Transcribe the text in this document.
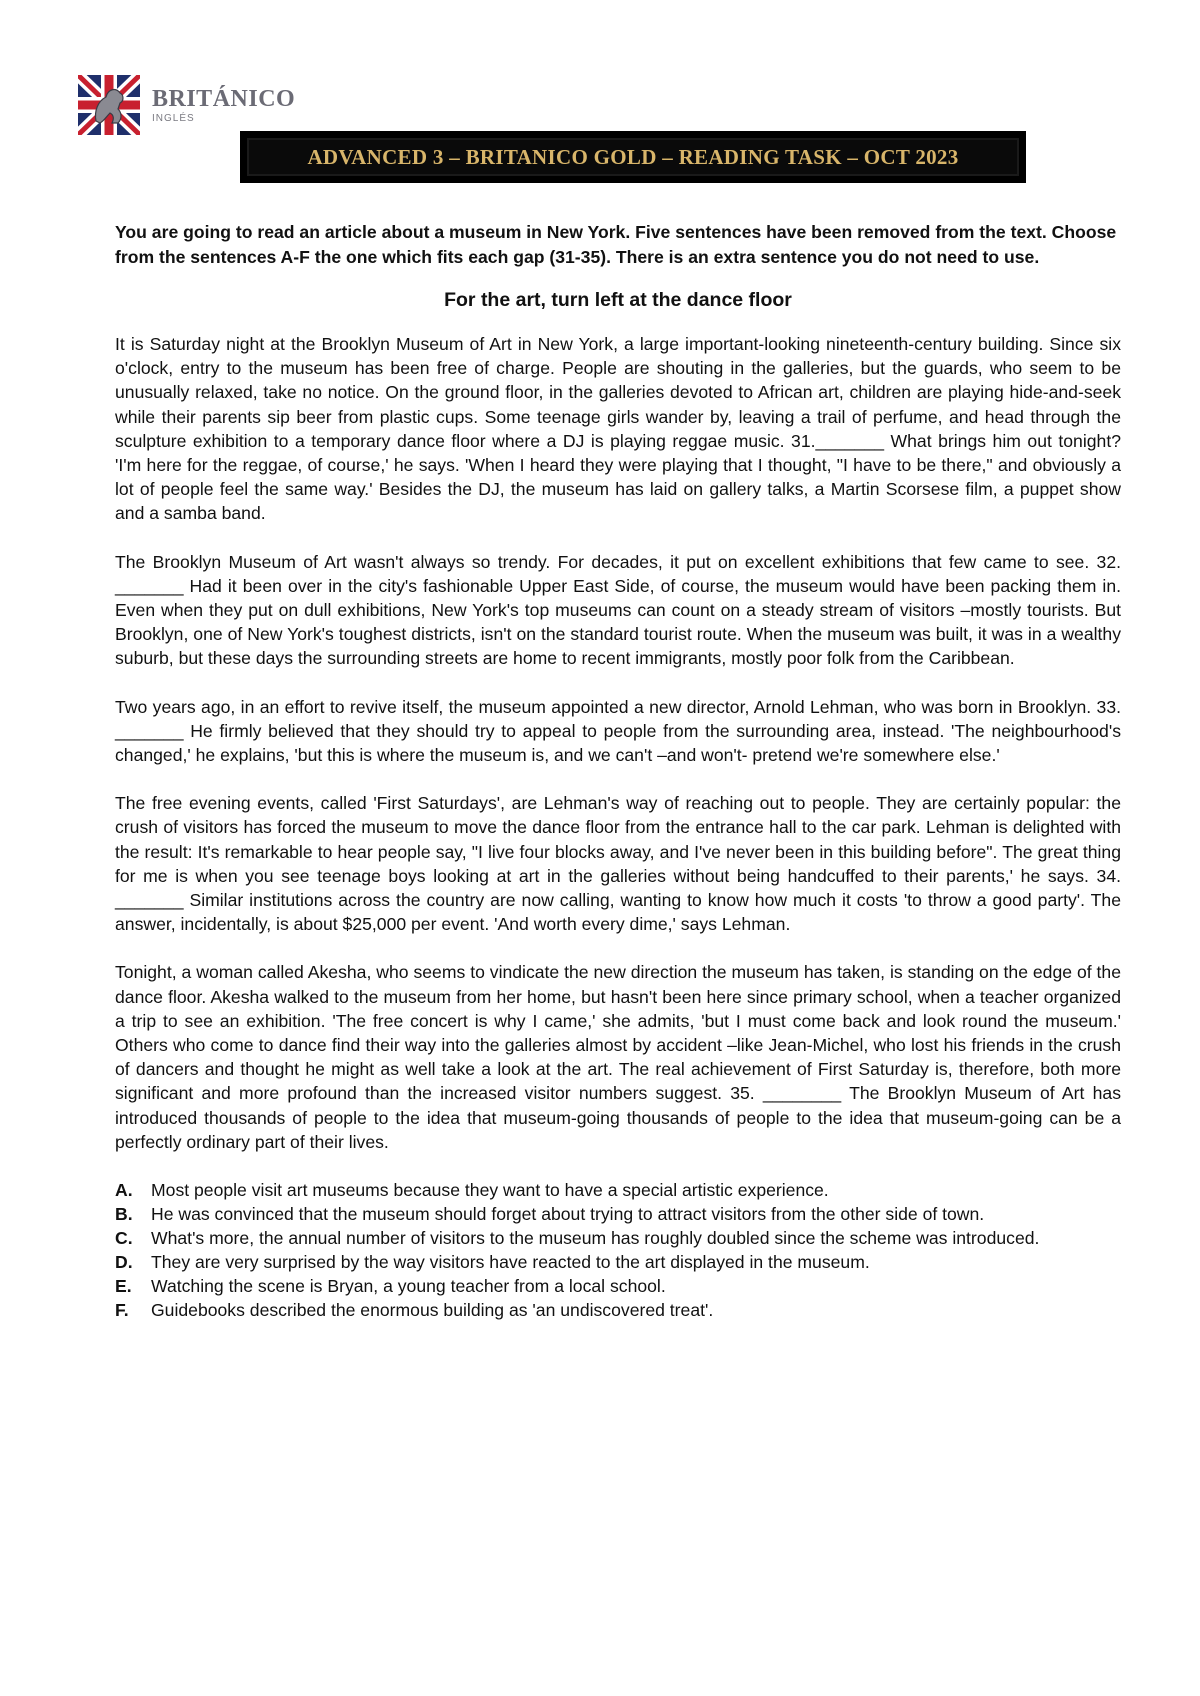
BRITÁNICO
INGLÉS
ADVANCED 3 – BRITANICO GOLD – READING TASK – OCT 2023

You are going to read an article about a museum in New York. Five sentences have been removed from the text. Choose from the sentences A-F the one which fits each gap (31-35). There is an extra sentence you do not need to use.

For the art, turn left at the dance floor

It is Saturday night at the Brooklyn Museum of Art in New York, a large important-looking nineteenth-century building. Since six o'clock, entry to the museum has been free of charge. People are shouting in the galleries, but the guards, who seem to be unusually relaxed, take no notice. On the ground floor, in the galleries devoted to African art, children are playing hide-and-seek while their parents sip beer from plastic cups. Some teenage girls wander by, leaving a trail of perfume, and head through the sculpture exhibition to a temporary dance floor where a DJ is playing reggae music. 31._______ What brings him out tonight? 'I'm here for the reggae, of course,' he says. 'When I heard they were playing that I thought, "I have to be there," and obviously a lot of people feel the same way.' Besides the DJ, the museum has laid on gallery talks, a Martin Scorsese film, a puppet show and a samba band.

The Brooklyn Museum of Art wasn't always so trendy. For decades, it put on excellent exhibitions that few came to see. 32. _______ Had it been over in the city's fashionable Upper East Side, of course, the museum would have been packing them in. Even when they put on dull exhibitions, New York's top museums can count on a steady stream of visitors –mostly tourists. But Brooklyn, one of New York's toughest districts, isn't on the standard tourist route. When the museum was built, it was in a wealthy suburb, but these days the surrounding streets are home to recent immigrants, mostly poor folk from the Caribbean.

Two years ago, in an effort to revive itself, the museum appointed a new director, Arnold Lehman, who was born in Brooklyn. 33. _______ He firmly believed that they should try to appeal to people from the surrounding area, instead. 'The neighbourhood's changed,' he explains, 'but this is where the museum is, and we can't –and won't- pretend we're somewhere else.'

The free evening events, called 'First Saturdays', are Lehman's way of reaching out to people. They are certainly popular: the crush of visitors has forced the museum to move the dance floor from the entrance hall to the car park. Lehman is delighted with the result: It's remarkable to hear people say, "I live four blocks away, and I've never been in this building before". The great thing for me is when you see teenage boys looking at art in the galleries without being handcuffed to their parents,' he says. 34. _______ Similar institutions across the country are now calling, wanting to know how much it costs 'to throw a good party'. The answer, incidentally, is about $25,000 per event. 'And worth every dime,' says Lehman.

Tonight, a woman called Akesha, who seems to vindicate the new direction the museum has taken, is standing on the edge of the dance floor. Akesha walked to the museum from her home, but hasn't been here since primary school, when a teacher organized a trip to see an exhibition. 'The free concert is why I came,' she admits, 'but I must come back and look round the museum.' Others who come to dance find their way into the galleries almost by accident –like Jean-Michel, who lost his friends in the crush of dancers and thought he might as well take a look at the art. The real achievement of First Saturday is, therefore, both more significant and more profound than the increased visitor numbers suggest. 35. ________ The Brooklyn Museum of Art has introduced thousands of people to the idea that museum-going thousands of people to the idea that museum-going can be a perfectly ordinary part of their lives.

A.	Most people visit art museums because they want to have a special artistic experience.
B.	He was convinced that the museum should forget about trying to attract visitors from the other side of town.
C.	What's more, the annual number of visitors to the museum has roughly doubled since the scheme was introduced.
D.	They are very surprised by the way visitors have reacted to the art displayed in the museum.
E.	Watching the scene is Bryan, a young teacher from a local school.
F.	Guidebooks described the enormous building as 'an undiscovered treat'.
